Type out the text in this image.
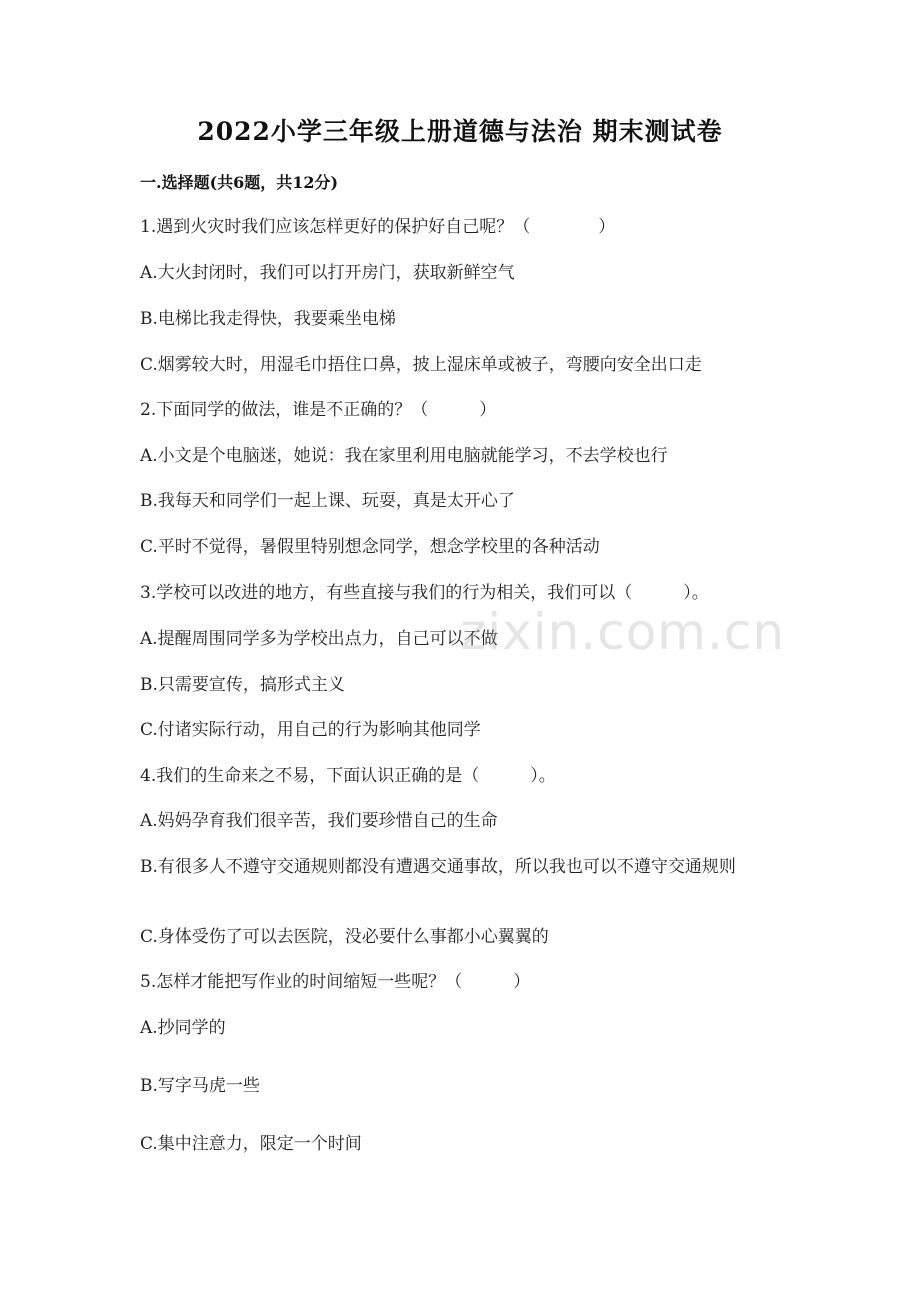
2022小学三年级上册道德与法治 期末测试卷
一.选择题(共6题，共12分)
1.遇到火灾时我们应该怎样更好的保护好自己呢？（　　　　）
A.大火封闭时，我们可以打开房门，获取新鲜空气
B.电梯比我走得快，我要乘坐电梯
C.烟雾较大时，用湿毛巾捂住口鼻，披上湿床单或被子，弯腰向安全出口走
2.下面同学的做法，谁是不正确的？（　　　）
A.小文是个电脑迷，她说：我在家里利用电脑就能学习，不去学校也行
B.我每天和同学们一起上课、玩耍，真是太开心了
C.平时不觉得，暑假里特别想念同学，想念学校里的各种活动
3.学校可以改进的地方，有些直接与我们的行为相关，我们可以（　　　）。
A.提醒周围同学多为学校出点力，自己可以不做
B.只需要宣传，搞形式主义
C.付诸实际行动，用自己的行为影响其他同学
4.我们的生命来之不易，下面认识正确的是（　　　）。
A.妈妈孕育我们很辛苦，我们要珍惜自己的生命
B.有很多人不遵守交通规则都没有遭遇交通事故，所以我也可以不遵守交通规则
C.身体受伤了可以去医院，没必要什么事都小心翼翼的
5.怎样才能把写作业的时间缩短一些呢？（　　　）
A.抄同学的
B.写字马虎一些
C.集中注意力，限定一个时间
zixin.com.cn
